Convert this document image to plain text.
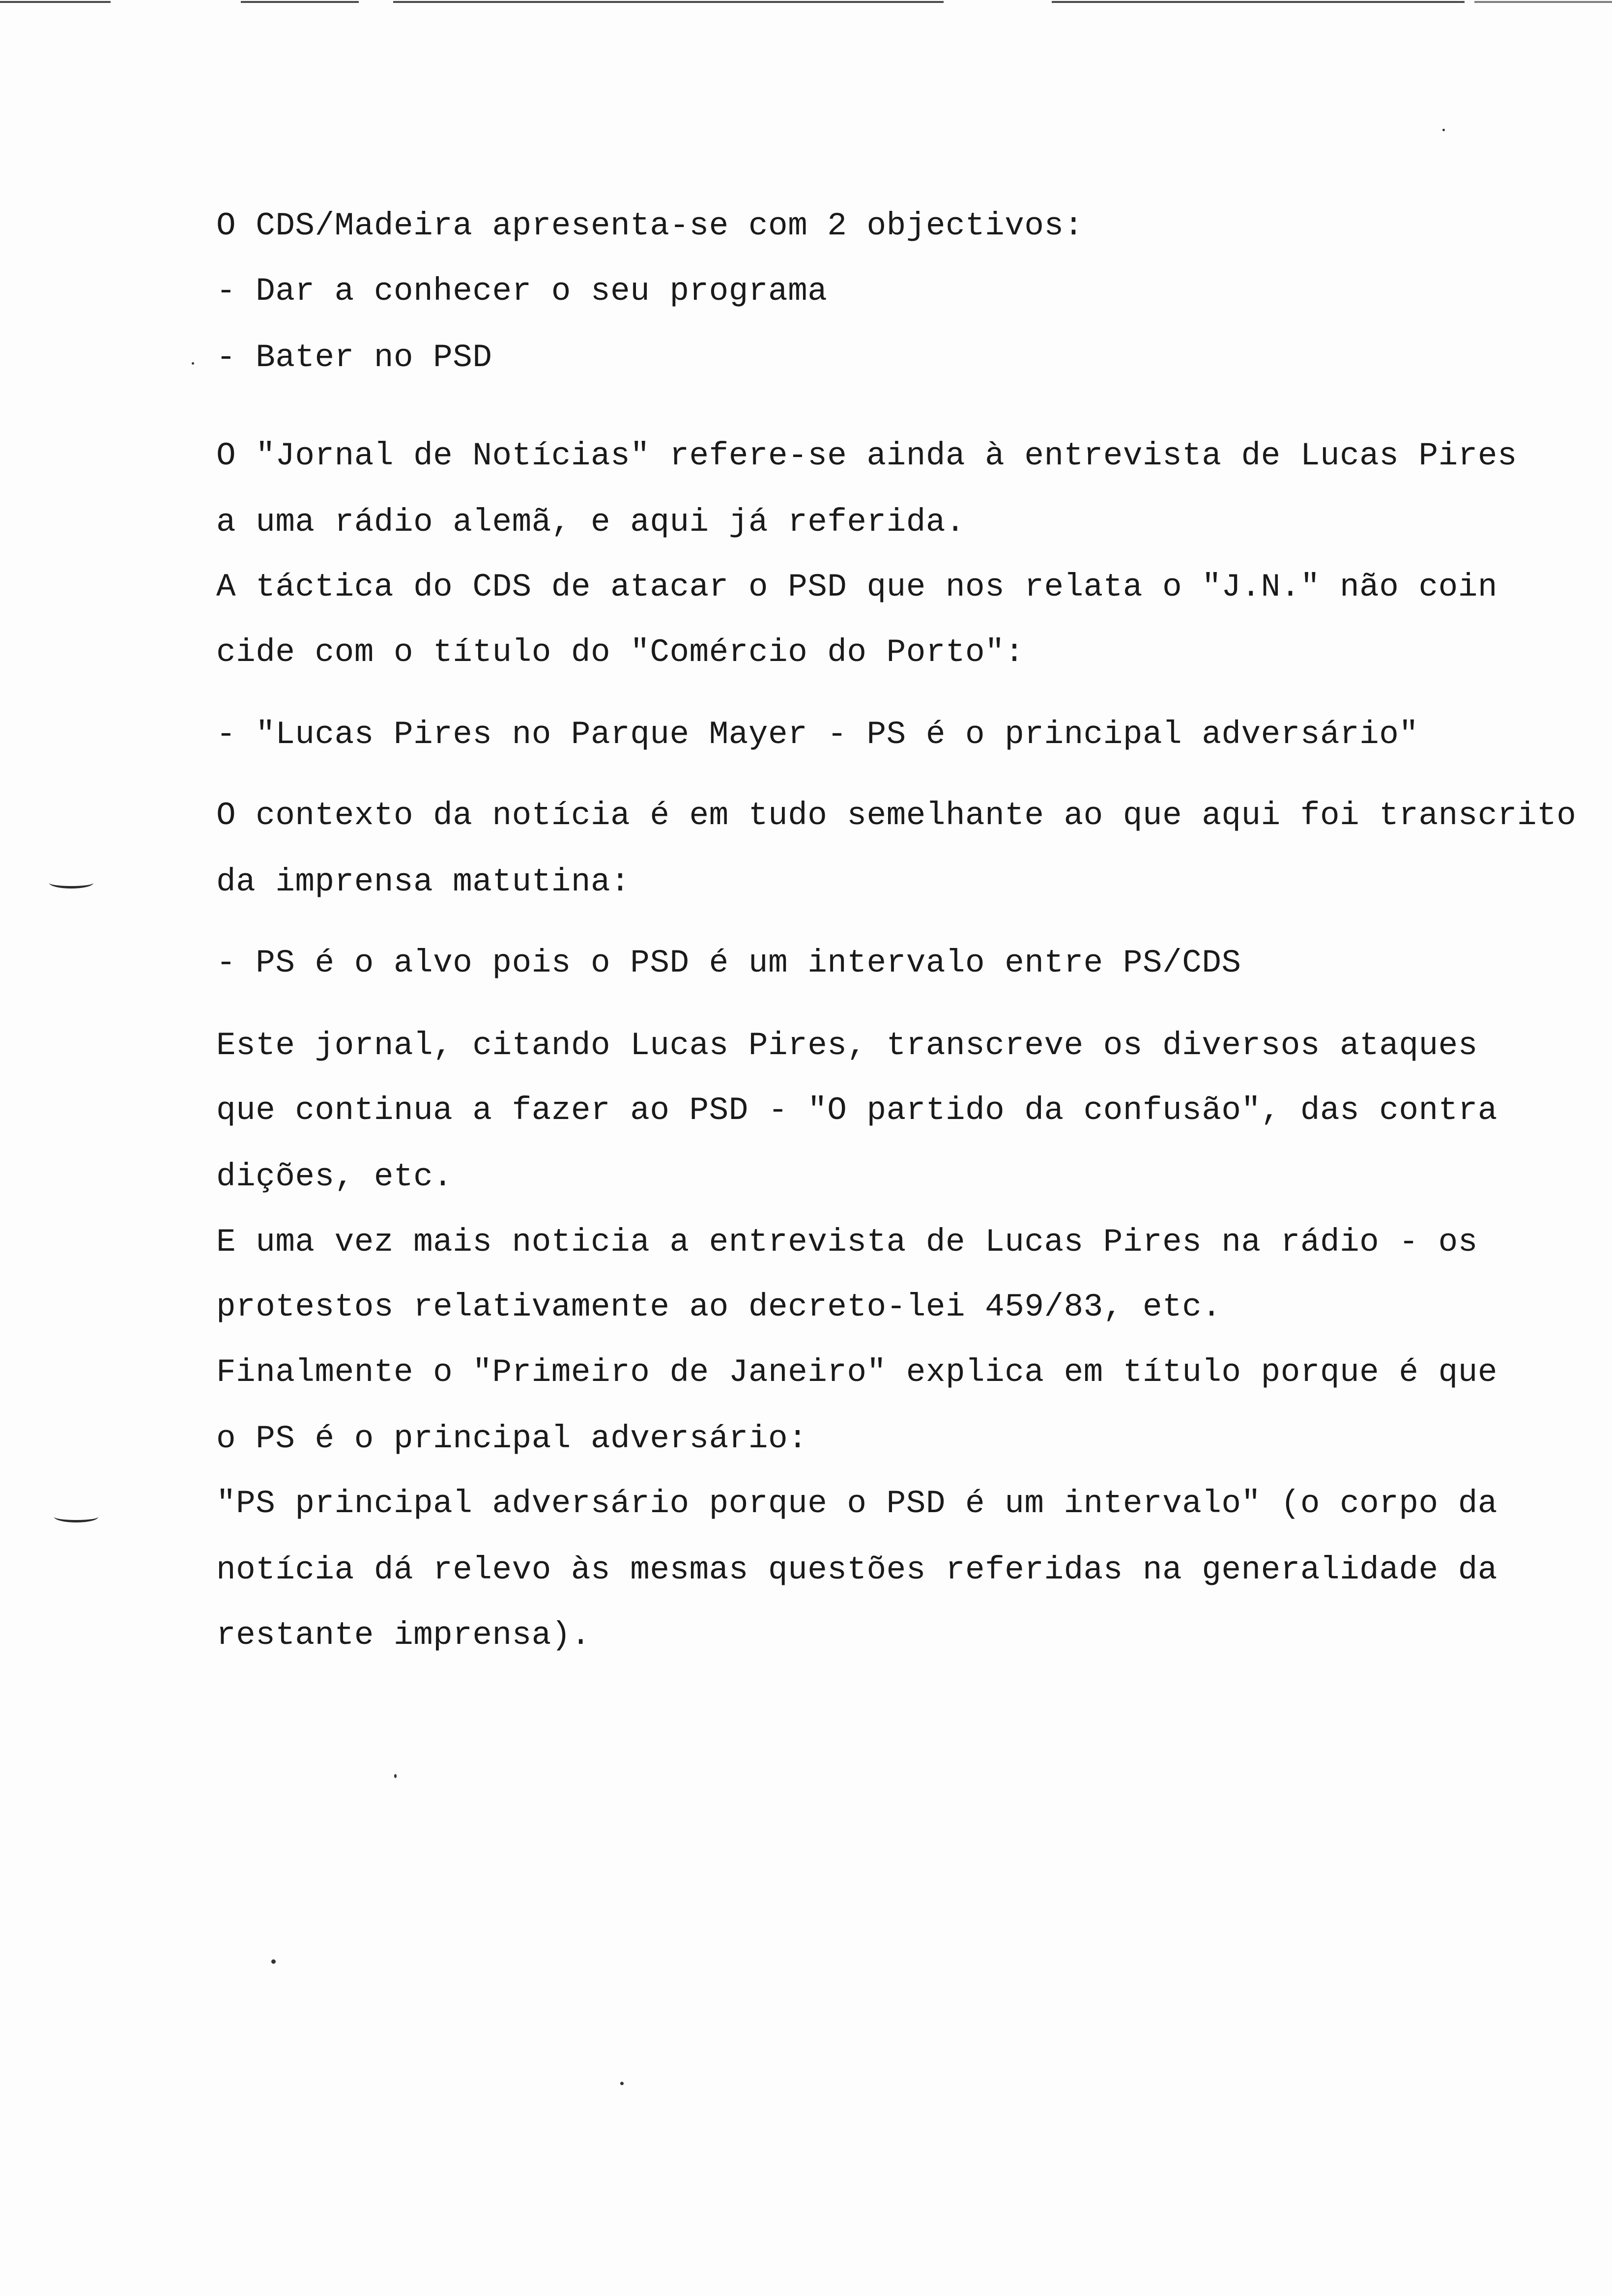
O CDS/Madeira apresenta-se com 2 objectivos:
- Dar a conhecer o seu programa
- Bater no PSD
O "Jornal de Notícias" refere-se ainda à entrevista de Lucas Pires
a uma rádio alemã, e aqui já referida.
A táctica do CDS de atacar o PSD que nos relata o "J.N." não coin
cide com o título do "Comércio do Porto":
- "Lucas Pires no Parque Mayer - PS é o principal adversário"
O contexto da notícia é em tudo semelhante ao que aqui foi transcrito
da imprensa matutina:
- PS é o alvo pois o PSD é um intervalo entre PS/CDS
Este jornal, citando Lucas Pires, transcreve os diversos ataques
que continua a fazer ao PSD - "O partido da confusão", das contra
dições, etc.
E uma vez mais noticia a entrevista de Lucas Pires na rádio - os
protestos relativamente ao decreto-lei 459/83, etc.
Finalmente o "Primeiro de Janeiro" explica em título porque é que
o PS é o principal adversário:
"PS principal adversário porque o PSD é um intervalo" (o corpo da
notícia dá relevo às mesmas questões referidas na generalidade da
restante imprensa).
